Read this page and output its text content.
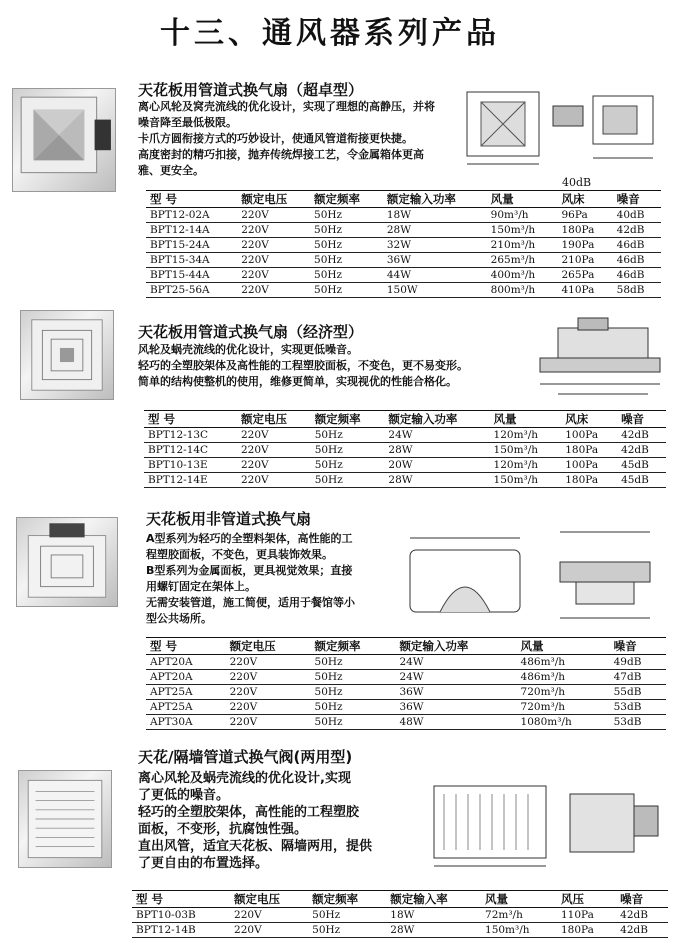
十三、通风器系列产品
天花板用管道式换气扇（超卓型）
离心风轮及窝壳流线的优化设计，实现了理想的高静压，并将
噪音降至最低极限。
卡爪方圆衔接方式的巧妙设计，使通风管道衔接更快捷。
高度密封的精巧扣接，抛弃传统焊接工艺，令金属箱体更高
雅、更安全。
40dB
型 号	额定电压	额定频率	额定输入功率	风量	风床	噪音
BPT12-02A	220V	50Hz	18W	90m³/h	96Pa	40dB
BPT12-14A	220V	50Hz	28W	150m³/h	180Pa	42dB
BPT15-24A	220V	50Hz	32W	210m³/h	190Pa	46dB
BPT15-34A	220V	50Hz	36W	265m³/h	210Pa	46dB
BPT15-44A	220V	50Hz	44W	400m³/h	265Pa	46dB
BPT25-56A	220V	50Hz	150W	800m³/h	410Pa	58dB
天花板用管道式换气扇（经济型）
风轮及蜗壳流线的优化设计，实现更低噪音。
轻巧的全塑胶架体及高性能的工程塑胶面板，不变色，更不易变形。
简单的结构使整机的使用，维修更简单，实现视优的性能合格化。
型 号	额定电压	额定频率	额定输入功率	风量	风床	噪音
BPT12-13C	220V	50Hz	24W	120m³/h	100Pa	42dB
BPT12-14C	220V	50Hz	28W	150m³/h	180Pa	42dB
BPT10-13E	220V	50Hz	20W	120m³/h	100Pa	45dB
BPT12-14E	220V	50Hz	28W	150m³/h	180Pa	45dB
天花板用非管道式换气扇
A型系列为轻巧的全塑料架体，高性能的工
程塑胶面板，不变色，更具装饰效果。
B型系列为金属面板，更具视觉效果；直接
用螺钉固定在架体上。
无需安装管道，施工简便，适用于餐馆等小
型公共场所。
型 号	额定电压	额定频率	额定输入功率	风量	噪音
APT20A	220V	50Hz	24W	486m³/h	49dB
APT20A	220V	50Hz	24W	486m³/h	47dB
APT25A	220V	50Hz	36W	720m³/h	55dB
APT25A	220V	50Hz	36W	720m³/h	53dB
APT30A	220V	50Hz	48W	1080m³/h	53dB
天花/隔墙管道式换气阀(两用型)
离心风轮及蜗壳流线的优化设计,实现
了更低的噪音。
轻巧的全塑胶架体，高性能的工程塑胶
面板，不变形，抗腐蚀性强。
直出风管，适宜天花板、隔墙两用，提供
了更自由的布置选择。
型 号	额定电压	额定频率	额定输入率	风量	风压	噪音
BPT10-03B	220V	50Hz	18W	72m³/h	110Pa	42dB
BPT12-14B	220V	50Hz	28W	150m³/h	180Pa	42dB
